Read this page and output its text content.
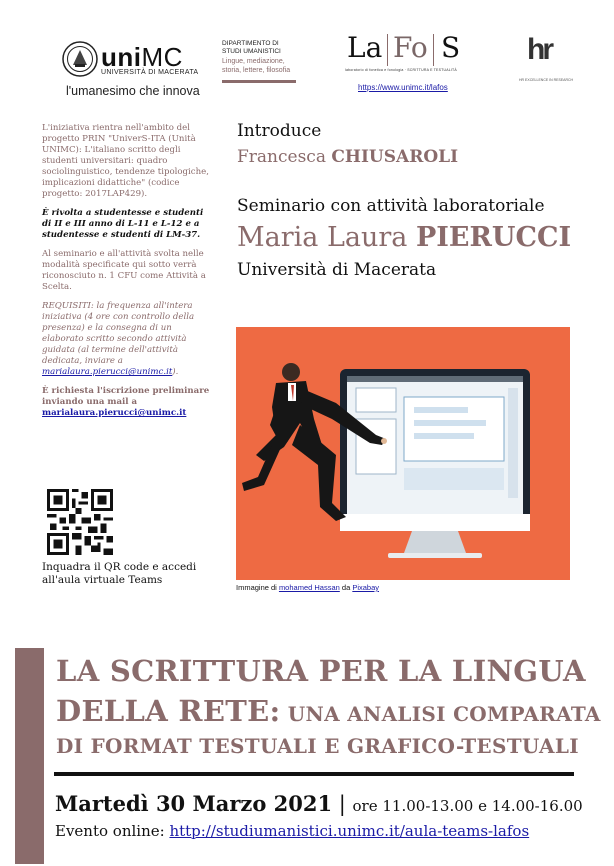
uniMC
UNIVERSITÀ DI MACERATA
l'umanesimo che innova
DIPARTIMENTO DI
STUDI UMANISTICI
Lingue, mediazione,
storia, lettere, filosofia
La Fo S
laboratorio di fonetica e fonologia · SCRITTURA E TESTUALITÀ
https://www.unimc.it/lafos
hr
HR EXCELLENCE IN RESEARCH

L'iniziativa rientra nell'ambito del progetto PRIN "UniverS-ITA (Unità UNIMC): L'italiano scritto degli studenti universitari: quadro sociolinguistico, tendenze tipologiche, implicazioni didattiche" (codice progetto: 2017LAP429).

È rivolta a studentesse e studenti di II e III anno di L-11 e L-12 e a studentesse e studenti di LM-37.

Al seminario e all'attività svolta nelle modalità specificate qui sotto verrà riconosciuto n. 1 CFU come Attività a Scelta.

REQUISITI: la frequenza all'intera iniziativa (4 ore con controllo della presenza) e la consegna di un elaborato scritto secondo attività guidata (al termine dell'attività dedicata, inviare a marialaura.pierucci@unimc.it).

È richiesta l'iscrizione preliminare inviando una mail a
marialaura.pierucci@unimc.it

Inquadra il QR code e accedi all'aula virtuale Teams
Introduce
Francesca CHIUSAROLI
Seminario con attività laboratoriale
Maria Laura PIERUCCI
Università di Macerata
Immagine di mohamed Hassan da Pixabay
LA SCRITTURA PER LA LINGUA
DELLA RETE: UNA ANALISI COMPARATA
DI FORMAT TESTUALI E GRAFICO-TESTUALI
Martedì 30 Marzo 2021 | ore 11.00-13.00 e 14.00-16.00
Evento online: http://studiumanistici.unimc.it/aula-teams-lafos
